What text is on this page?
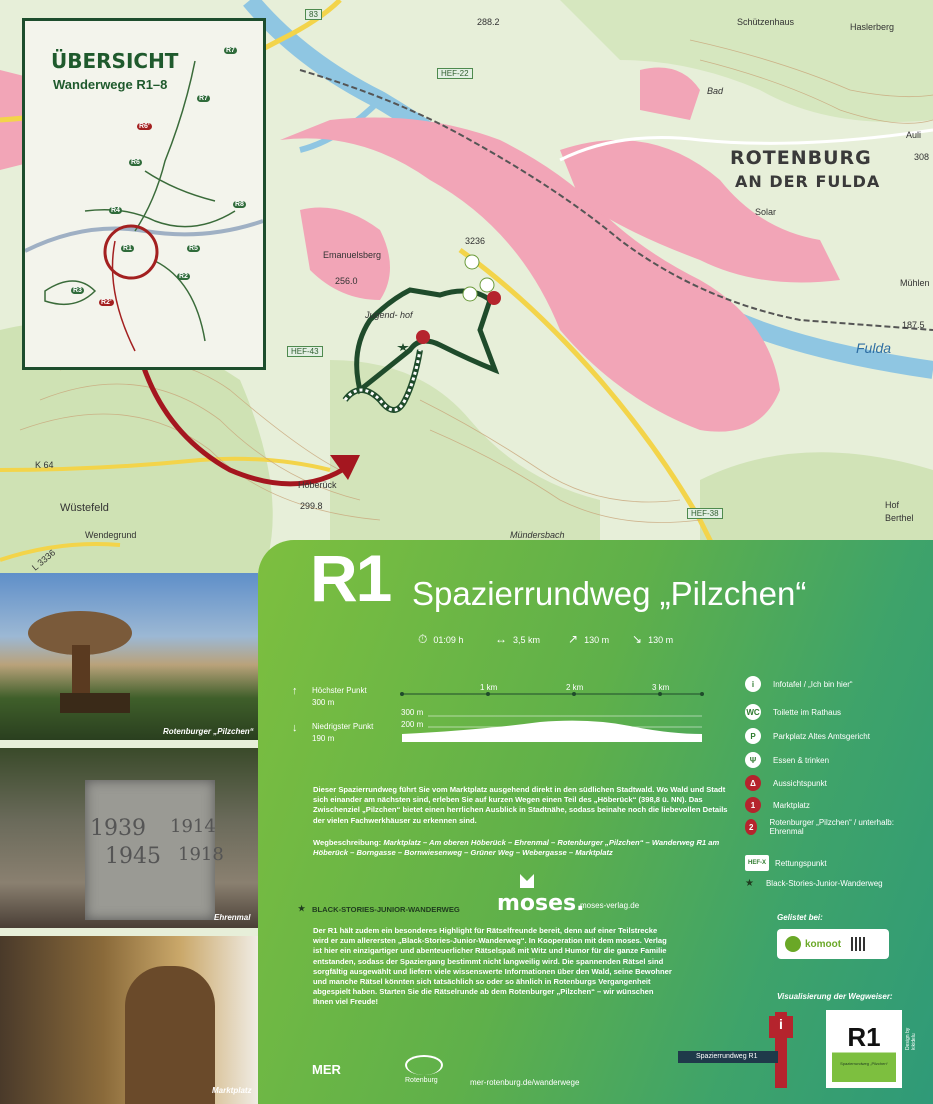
ROTENBURG
AN DER FULDA
Schützenhaus	Haslerberg
Auli
Mühlen
Solar
Emanuelsberg
Höberück
Wüstefeld
Wendegrund	Mündersbach
Hof
Berthel
Fulda
Bad
Jugend- hof
83
HEF-22
HEF-43
HEF-38
K 64
L 3336
3236
288.2
256.0
299.8
308
187.5
ÜBERSICHT
Wanderwege R1–8
R7
R7
R6'
R6
R4
R8
R1	R5
R2
R3
R2'
Rotenburger „Pilzchen“
1939
1945
1914
1918
Ehrenmal
Marktplatz
R1 Spazierrundweg „Pilzchen“
⏱ 01:09 h	↔ 3,5 km ↗ 130 m ↘ 130 m
↑ Höchster Punkt
300 m
↓ Niedrigster Punkt
190 m
1 km	2 km	3 km
300 m
200 m
Dieser Spazierrundweg führt Sie vom Marktplatz ausgehend direkt in den südlichen Stadtwald. Wo Wald und Stadt sich einander am nächsten sind, erleben Sie auf kurzen Wegen einen Teil des „Höberück“ (398,8 ü. NN). Das Zwischenziel „Pilzchen“ bietet einen herrlichen Ausblick in Stadtnähe, sodass beinahe noch die liebevollen Details der vielen Fachwerkhäuser zu erkennen sind.
Wegbeschreibung: Marktplatz – Am oberen Höberück – Ehrenmal – Rotenburger „Pilzchen“ – Wanderweg R1 am Höberück – Borngasse – Bornwiesenweg – Grüner Weg – Webergasse – Marktplatz
★ BLACK-STORIES-JUNIOR-WANDERWEG moses.
moses-verlag.de
Der R1 hält zudem ein besonderes Highlight für Rätselfreunde bereit, denn auf einer Teilstrecke wird er zum allerersten „Black-Stories-Junior-Wanderweg“. In Kooperation mit dem moses. Verlag ist hier ein einzigartiger und abenteuerlicher Rätselspaß mit Witz und Humor für die ganze Familie entstanden, sodass der Spaziergang bestimmt nicht langweilig wird. Die spannenden Rätsel sind sorgfältig ausgewählt und liefern viele wissenswerte Informationen über den Wald, seine Bewohner und manche Rätsel könnten sich tatsächlich so oder so ähnlich in Rotenburgs Vergangenheit abgespielt haben. Starten Sie die Rätselrunde ab dem Rotenburger „Pilzchen“ – wir wünschen Ihnen viel Freude!
i	Infotafel / „Ich bin hier“
WC Toilette im Rathaus
P	Parkplatz Altes Amtsgericht
Ψ	Essen & trinken
Δ	Aussichtspunkt
1	Marktplatz
2	Rotenburger „Pilzchen“ / unterhalb: Ehrenmal
HEF-X	Rettungspunkt
★ Black-Stories-Junior-Wanderweg
Gelistet bei:
komoot
Visualisierung der Wegweiser:
i
Spazierrundweg R1
R1
Spazierrundweg „Pilzchen“
Design by kikidelu
MER
Rotenburg	mer-rotenburg.de/wanderwege
